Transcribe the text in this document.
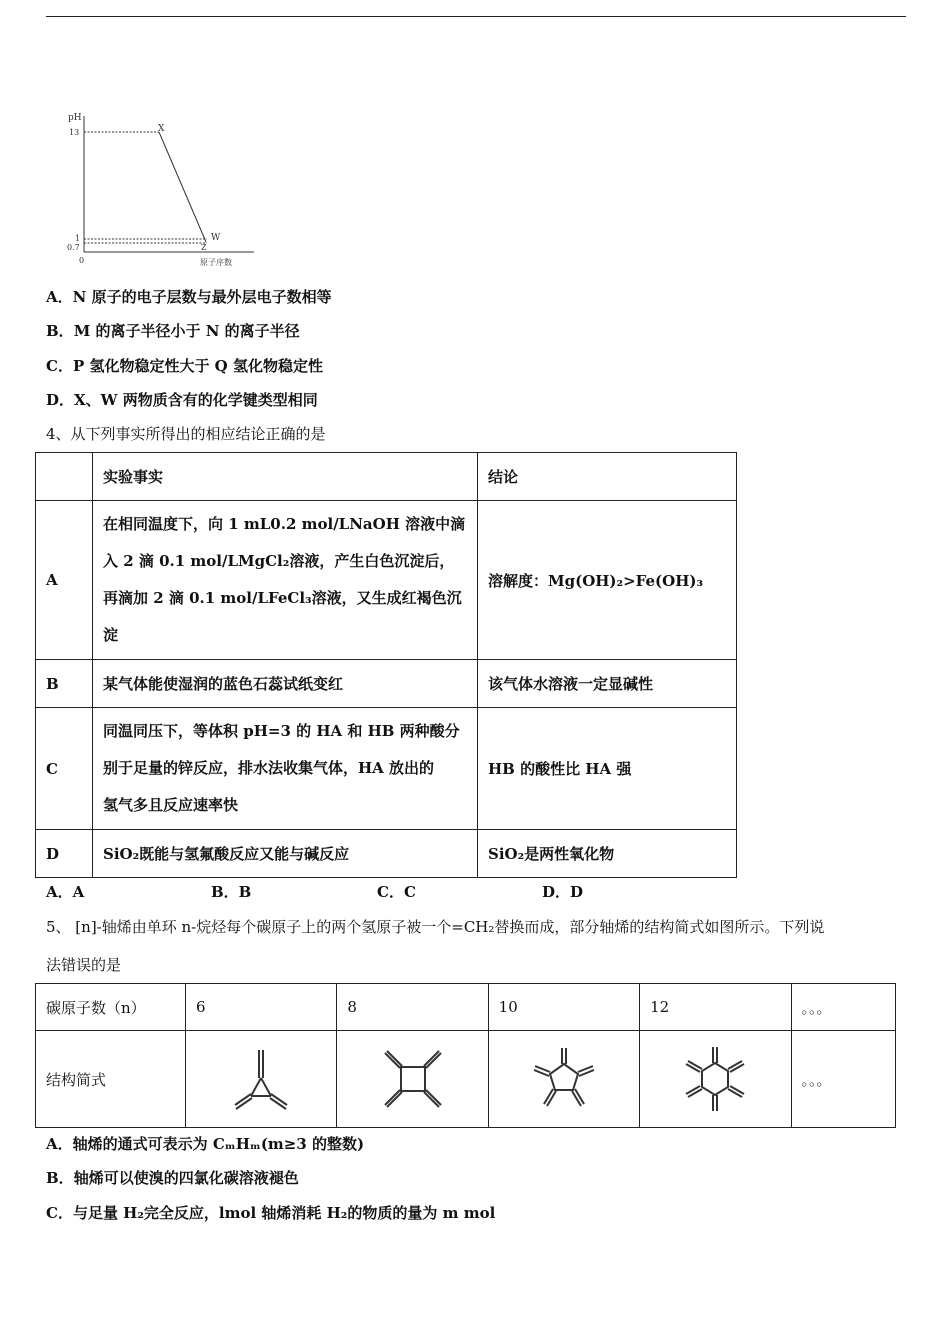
pH
13
1
0.7
0
X
W
Z
原子序数
A．N 原子的电子层数与最外层电子数相等
B．M 的离子半径小于 N 的离子半径
C．P 氢化物稳定性大于 Q 氢化物稳定性
D．X、W 两物质含有的化学键类型相同
4、从下列事实所得出的相应结论正确的是
	实验事实	结论
A	在相同温度下，向 1 mL0.2 mol/LNaOH 溶液中滴
入 2 滴 0.1 mol/LMgCl₂溶液，产生白色沉淀后，
再滴加 2 滴 0.1 mol/LFeCl₃溶液，又生成红褐色沉
淀	溶解度：Mg(OH)₂>Fe(OH)₃
B	某气体能使湿润的蓝色石蕊试纸变红	该气体水溶液一定显碱性
C	同温同压下，等体积 pH=3 的 HA 和 HB 两种酸分
别于足量的锌反应，排水法收集气体，HA 放出的
氢气多且反应速率快	HB 的酸性比 HA 强
D	SiO₂既能与氢氟酸反应又能与碱反应	SiO₂是两性氧化物
A．A	B．B	C．C	D．D
5、 [n]-轴烯由单环 n-烷烃每个碳原子上的两个氢原子被一个=CH₂替换而成，部分轴烯的结构简式如图所示。下列说
法错误的是
碳原子数（n）	6	8	10	12	。。。
结构简式					。。。
A．轴烯的通式可表示为 CₘHₘ(m≥3 的整数)
B．轴烯可以使溴的四氯化碳溶液褪色
C．与足量 H₂完全反应，lmol 轴烯消耗 H₂的物质的量为 m mol
